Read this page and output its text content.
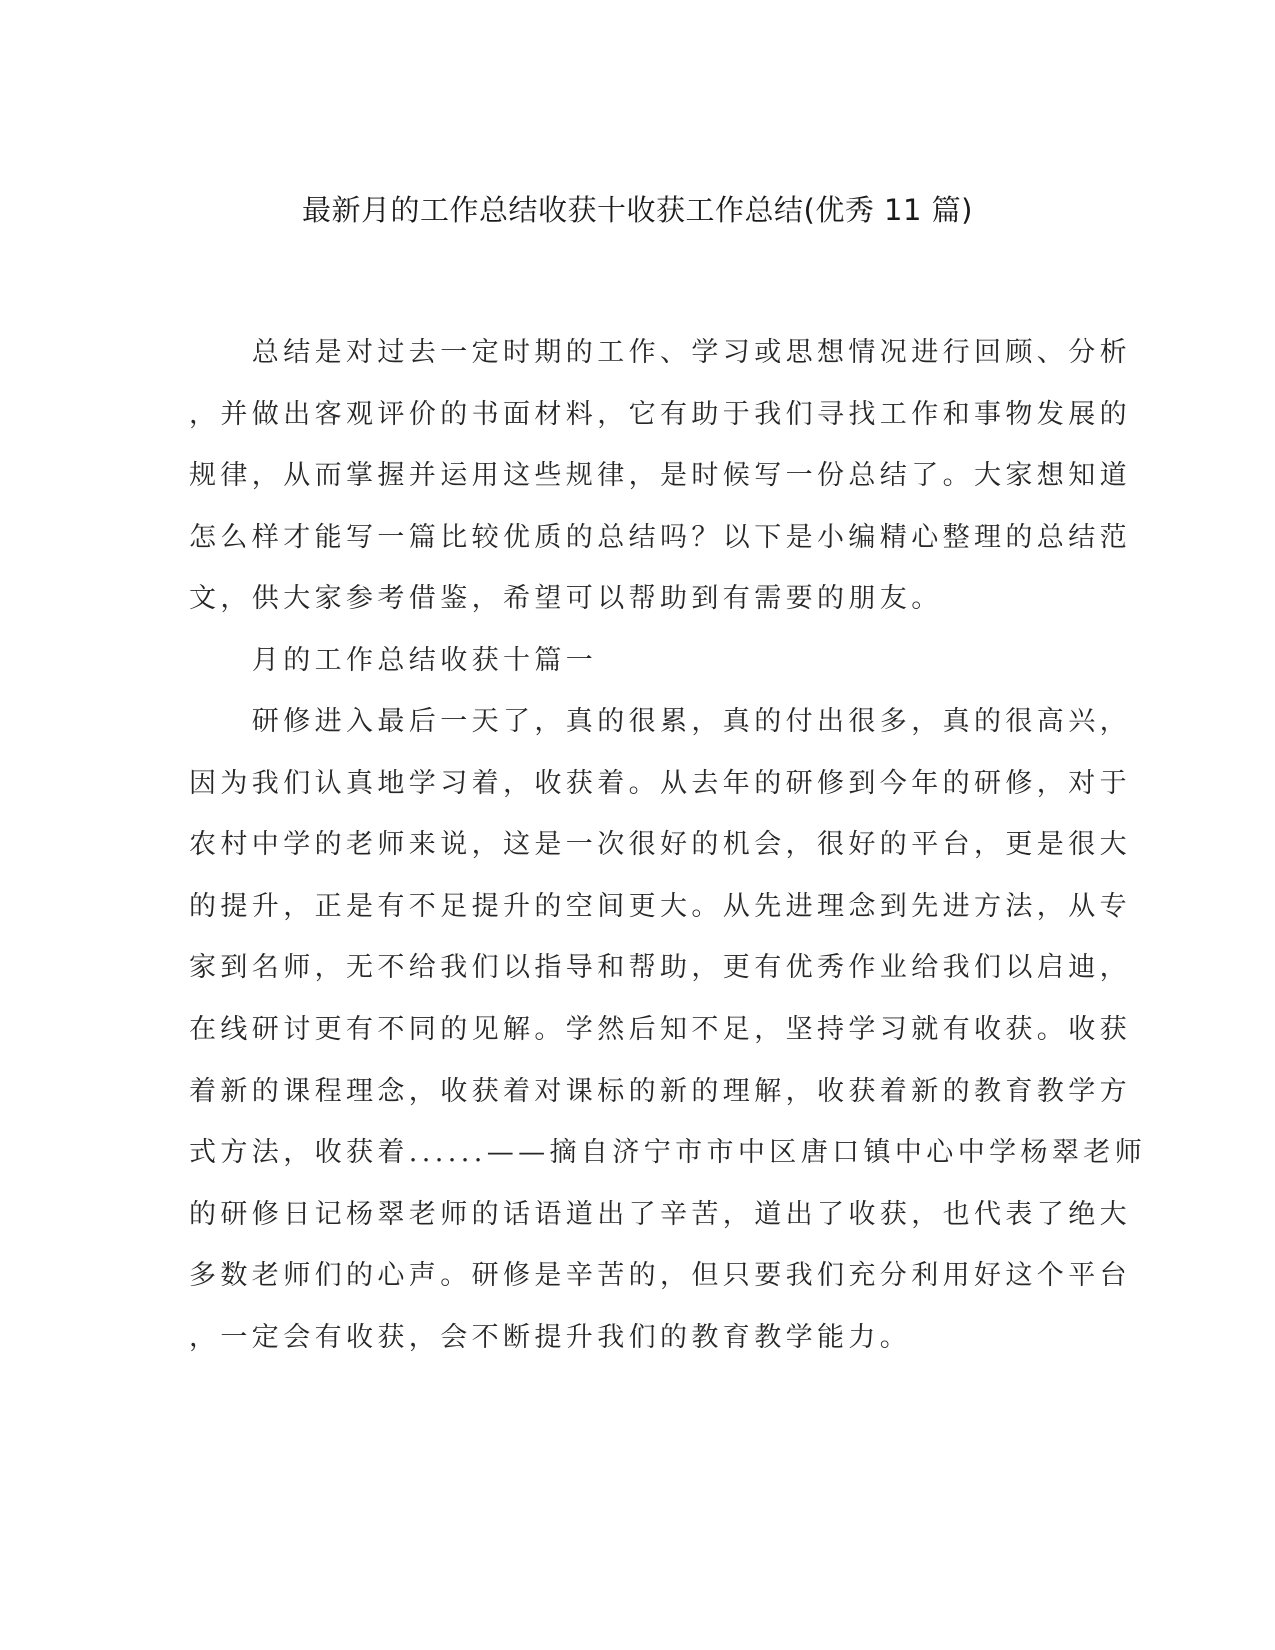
最新月的工作总结收获十收获工作总结(优秀 11 篇)
　　总结是对过去一定时期的工作、学习或思想情况进行回顾、分析
，并做出客观评价的书面材料，它有助于我们寻找工作和事物发展的
规律，从而掌握并运用这些规律，是时候写一份总结了。大家想知道
怎么样才能写一篇比较优质的总结吗？以下是小编精心整理的总结范
文，供大家参考借鉴，希望可以帮助到有需要的朋友。
　　月的工作总结收获十篇一
　　研修进入最后一天了，真的很累，真的付出很多，真的很高兴，
因为我们认真地学习着，收获着。从去年的研修到今年的研修，对于
农村中学的老师来说，这是一次很好的机会，很好的平台，更是很大
的提升，正是有不足提升的空间更大。从先进理念到先进方法，从专
家到名师，无不给我们以指导和帮助，更有优秀作业给我们以启迪，
在线研讨更有不同的见解。学然后知不足，坚持学习就有收获。收获
着新的课程理念，收获着对课标的新的理解，收获着新的教育教学方
式方法，收获着......——摘自济宁市市中区唐口镇中心中学杨翠老师
的研修日记杨翠老师的话语道出了辛苦，道出了收获，也代表了绝大
多数老师们的心声。研修是辛苦的，但只要我们充分利用好这个平台
，一定会有收获，会不断提升我们的教育教学能力。
